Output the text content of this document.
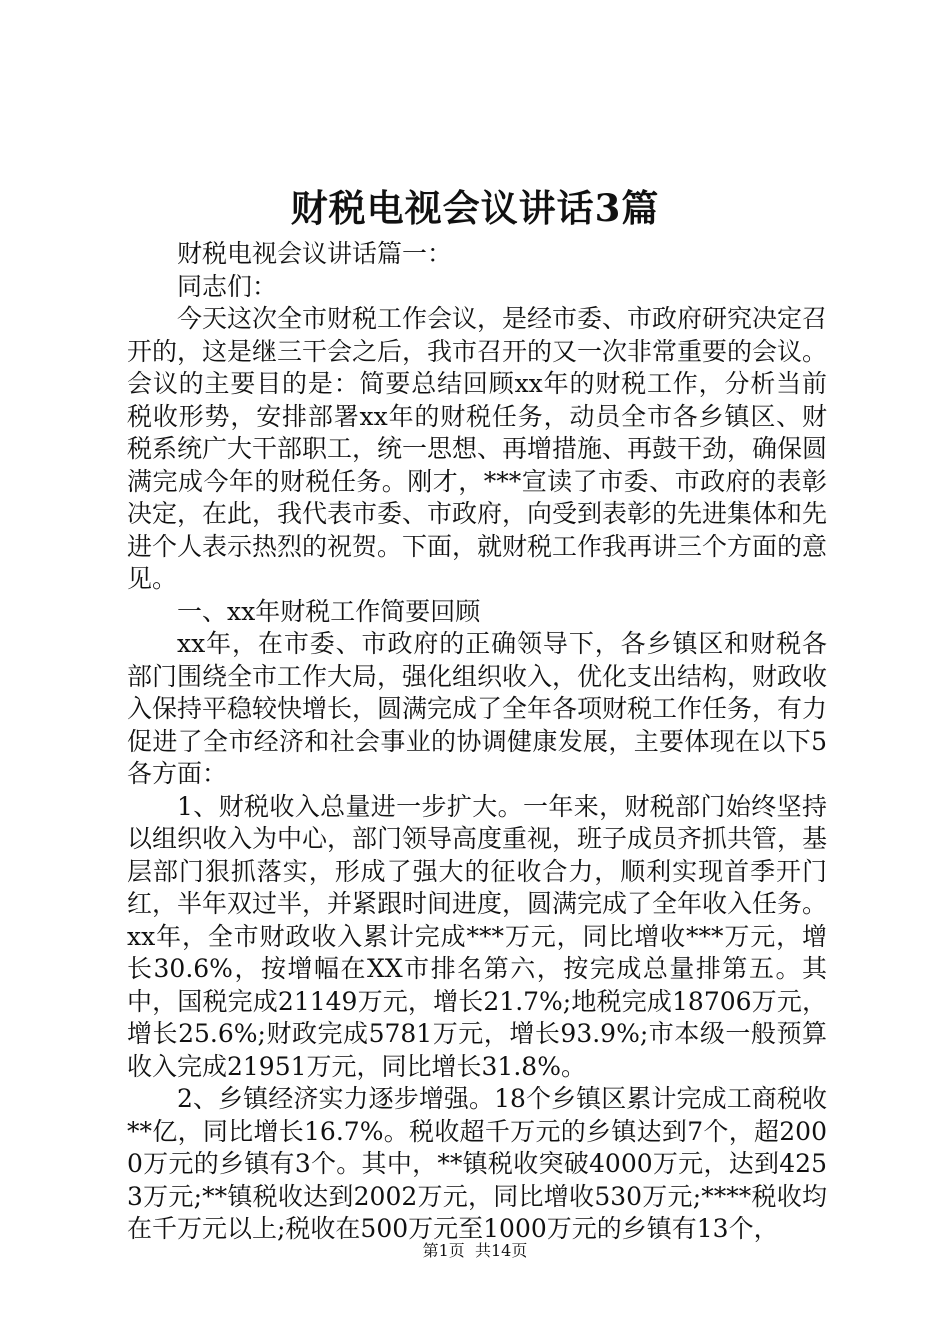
财税电视会议讲话3篇

财税电视会议讲话篇一：

同志们：

今天这次全市财税工作会议，是经市委、市政府研究决定召开的，这是继三干会之后，我市召开的又一次非常重要的会议。会议的主要目的是：简要总结回顾xx年的财税工作，分析当前税收形势，安排部署xx年的财税任务，动员全市各乡镇区、财税系统广大干部职工，统一思想、再增措施、再鼓干劲，确保圆满完成今年的财税任务。刚才，***宣读了市委、市政府的表彰决定，在此，我代表市委、市政府，向受到表彰的先进集体和先进个人表示热烈的祝贺。下面，就财税工作我再讲三个方面的意见。

一、xx年财税工作简要回顾

xx年，在市委、市政府的正确领导下，各乡镇区和财税各部门围绕全市工作大局，强化组织收入，优化支出结构，财政收入保持平稳较快增长，圆满完成了全年各项财税工作任务，有力促进了全市经济和社会事业的协调健康发展，主要体现在以下5各方面：

1、财税收入总量进一步扩大。一年来，财税部门始终坚持以组织收入为中心，部门领导高度重视，班子成员齐抓共管，基层部门狠抓落实，形成了强大的征收合力，顺利实现首季开门红，半年双过半，并紧跟时间进度，圆满完成了全年收入任务。xx年，全市财政收入累计完成***万元，同比增收***万元，增长30.6%，按增幅在XX市排名第六，按完成总量排第五。其中，国税完成21149万元，增长21.7%;地税完成18706万元，增长25.6%;财政完成5781万元，增长93.9%;市本级一般预算收入完成21951万元，同比增长31.8%。

2、乡镇经济实力逐步增强。18个乡镇区累计完成工商税收**亿，同比增长16.7%。税收超千万元的乡镇达到7个，超2000万元的乡镇有3个。其中，**镇税收突破4000万元，达到4253万元;**镇税收达到2002万元，同比增收530万元;****税收均在千万元以上;税收在500万元至1000万元的乡镇有13个，

第1页 共14页
